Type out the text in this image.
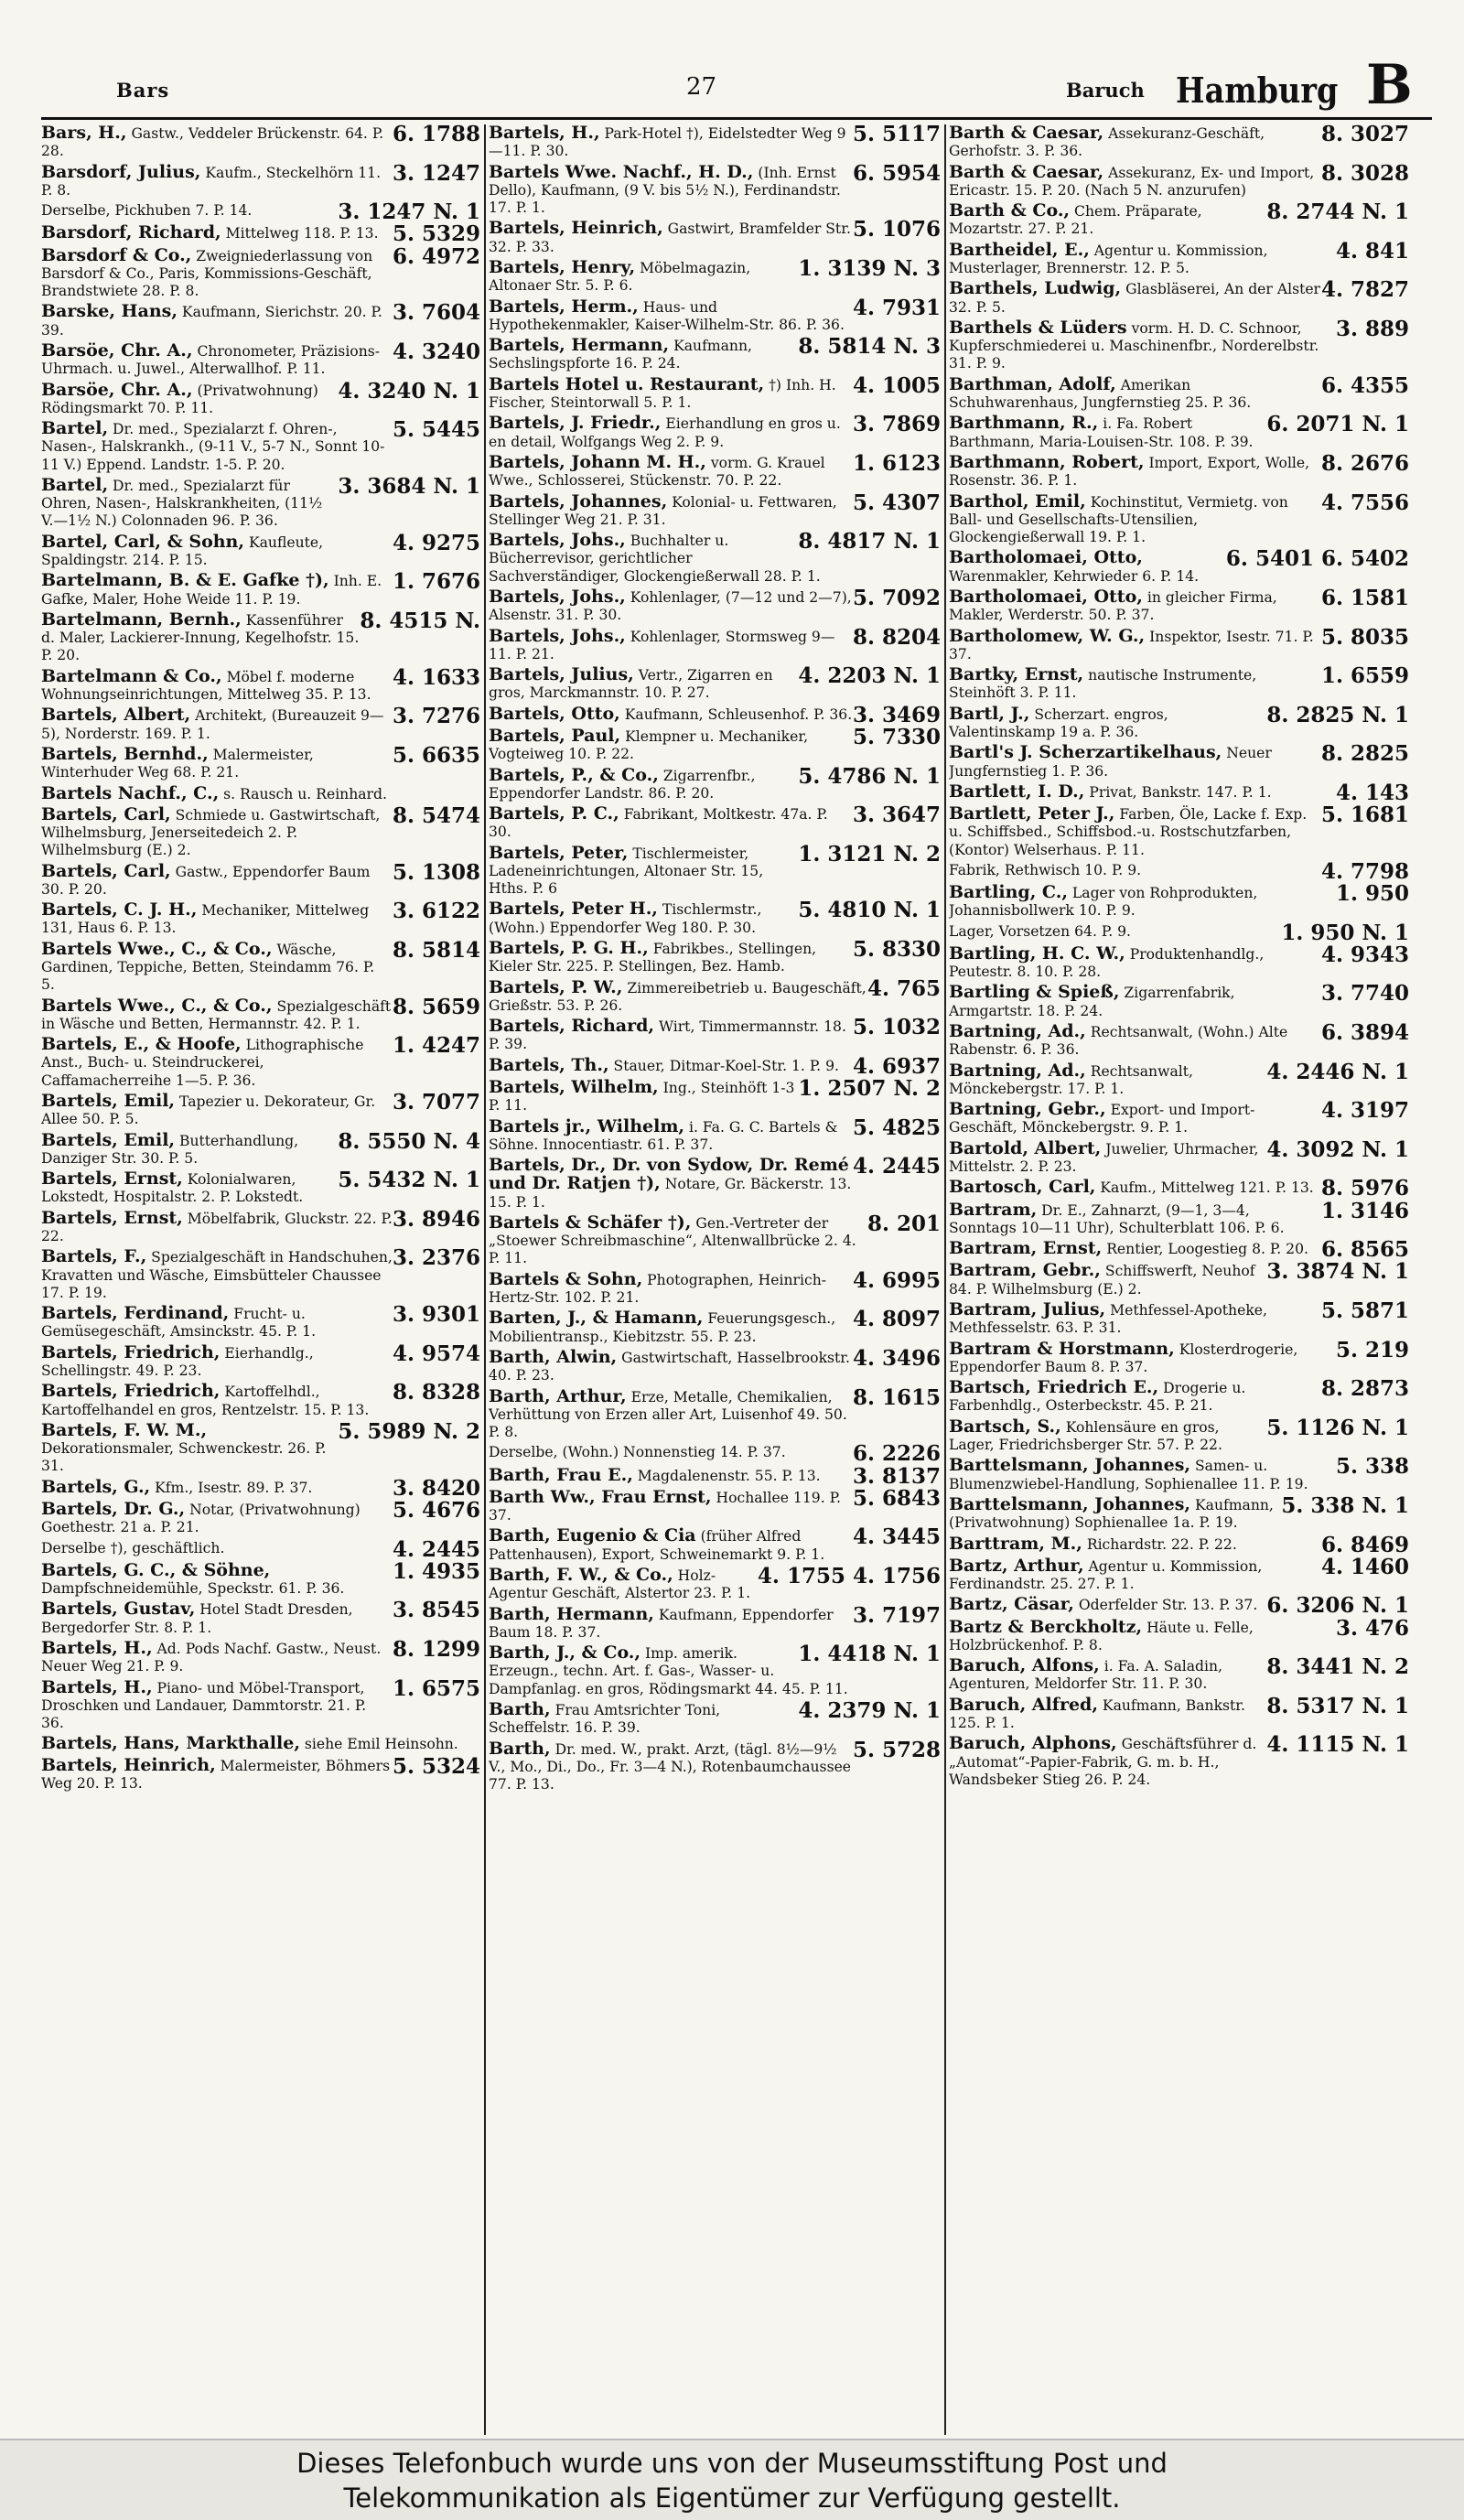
Bars	27	Baruch Hamburg B
6. 1788
Bars, H., Gastw., Veddeler Brückenstr. 64. P. 28.
3. 1247
Barsdorf, Julius, Kaufm., Steckelhörn 11. P. 8.
3. 1247 N. 1
Derselbe, Pickhuben 7. P. 14.
5. 5329
Barsdorf, Richard, Mittelweg 118. P. 13.
6. 4972
Barsdorf & Co., Zweigniederlassung von Barsdorf & Co., Paris, Kommissions-Geschäft, Brandstwiete 28. P. 8.
3. 7604
Barske, Hans, Kaufmann, Sierichstr. 20. P. 39.
4. 3240
Barsöe, Chr. A., Chronometer, Präzisions-Uhrmach. u. Juwel., Alterwallhof. P. 11.
4. 3240 N. 1
Barsöe, Chr. A., (Privatwohnung) Rödingsmarkt 70. P. 11.
5. 5445
Bartel, Dr. med., Spezialarzt f. Ohren-, Nasen-, Halskrankh., (9-11 V., 5-7 N., Sonnt 10-11 V.) Eppend. Landstr. 1-5. P. 20.
3. 3684 N. 1
Bartel, Dr. med., Spezialarzt für Ohren, Nasen-, Halskrankheiten, (11½ V.—1½ N.) Colonnaden 96. P. 36.
4. 9275
Bartel, Carl, & Sohn, Kaufleute, Spaldingstr. 214. P. 15.
1. 7676
Bartelmann, B. & E. Gafke †), Inh. E. Gafke, Maler, Hohe Weide 11. P. 19.
8. 4515 N.
Bartelmann, Bernh., Kassenführer d. Maler, Lackierer-Innung, Kegelhofstr. 15. P. 20.
4. 1633
Bartelmann & Co., Möbel f. moderne Wohnungseinrichtungen, Mittelweg 35. P. 13.
3. 7276
Bartels, Albert, Architekt, (Bureauzeit 9—5), Norderstr. 169. P. 1.
5. 6635
Bartels, Bernhd., Malermeister, Winterhuder Weg 68. P. 21.
Bartels Nachf., C., s. Rausch u. Reinhard.
8. 5474
Bartels, Carl, Schmiede u. Gastwirtschaft, Wilhelmsburg, Jenerseitedeich 2. P. Wilhelmsburg (E.) 2.
5. 1308
Bartels, Carl, Gastw., Eppendorfer Baum 30. P. 20.
3. 6122
Bartels, C. J. H., Mechaniker, Mittelweg 131, Haus 6. P. 13.
8. 5814
Bartels Wwe., C., & Co., Wäsche, Gardinen, Teppiche, Betten, Steindamm 76. P. 5.
8. 5659
Bartels Wwe., C., & Co., Spezialgeschäft in Wäsche und Betten, Hermannstr. 42. P. 1.
1. 4247
Bartels, E., & Hoofe, Lithographische Anst., Buch- u. Steindruckerei, Caffamacherreihe 1—5. P. 36.
3. 7077
Bartels, Emil, Tapezier u. Dekorateur, Gr. Allee 50. P. 5.
8. 5550 N. 4
Bartels, Emil, Butterhandlung, Danziger Str. 30. P. 5.
5. 5432 N. 1
Bartels, Ernst, Kolonialwaren, Lokstedt, Hospitalstr. 2. P. Lokstedt.
3. 8946
Bartels, Ernst, Möbelfabrik, Gluckstr. 22. P. 22.
3. 2376
Bartels, F., Spezialgeschäft in Handschuhen, Kravatten und Wäsche, Eimsbütteler Chaussee 17. P. 19.
3. 9301
Bartels, Ferdinand, Frucht- u. Gemüsegeschäft, Amsinckstr. 45. P. 1.
4. 9574
Bartels, Friedrich, Eierhandlg., Schellingstr. 49. P. 23.
8. 8328
Bartels, Friedrich, Kartoffelhdl., Kartoffelhandel en gros, Rentzelstr. 15. P. 13.
5. 5989 N. 2
Bartels, F. W. M., Dekorationsmaler, Schwenckestr. 26. P. 31.
3. 8420
Bartels, G., Kfm., Isestr. 89. P. 37.
5. 4676
Bartels, Dr. G., Notar, (Privatwohnung) Goethestr. 21 a. P. 21.
4. 2445
Derselbe †), geschäftlich.
1. 4935
Bartels, G. C., & Söhne, Dampfschneidemühle, Speckstr. 61. P. 36.
3. 8545
Bartels, Gustav, Hotel Stadt Dresden, Bergedorfer Str. 8. P. 1.
8. 1299
Bartels, H., Ad. Pods Nachf. Gastw., Neust. Neuer Weg 21. P. 9.
1. 6575
Bartels, H., Piano- und Möbel-Transport, Droschken und Landauer, Dammtorstr. 21. P. 36.
Bartels, Hans, Markthalle, siehe Emil Heinsohn.
5. 5324
Bartels, Heinrich, Malermeister, Böhmers Weg 20. P. 13.
5. 5117
Bartels, H., Park-Hotel †), Eidelstedter Weg 9—11. P. 30.
6. 5954
Bartels Wwe. Nachf., H. D., (Inh. Ernst Dello), Kaufmann, (9 V. bis 5½ N.), Ferdinandstr. 17. P. 1.
5. 1076
Bartels, Heinrich, Gastwirt, Bramfelder Str. 32. P. 33.
1. 3139 N. 3
Bartels, Henry, Möbelmagazin, Altonaer Str. 5. P. 6.
4. 7931
Bartels, Herm., Haus- und Hypothekenmakler, Kaiser-Wilhelm-Str. 86. P. 36.
8. 5814 N. 3
Bartels, Hermann, Kaufmann, Sechslingspforte 16. P. 24.
4. 1005
Bartels Hotel u. Restaurant, †) Inh. H. Fischer, Steintorwall 5. P. 1.
3. 7869
Bartels, J. Friedr., Eierhandlung en gros u. en detail, Wolfgangs Weg 2. P. 9.
1. 6123
Bartels, Johann M. H., vorm. G. Krauel Wwe., Schlosserei, Stückenstr. 70. P. 22.
5. 4307
Bartels, Johannes, Kolonial- u. Fettwaren, Stellinger Weg 21. P. 31.
8. 4817 N. 1
Bartels, Johs., Buchhalter u. Bücherrevisor, gerichtlicher Sachverständiger, Glockengießerwall 28. P. 1.
5. 7092
Bartels, Johs., Kohlenlager, (7—12 und 2—7), Alsenstr. 31. P. 30.
8. 8204
Bartels, Johs., Kohlenlager, Stormsweg 9—11. P. 21.
4. 2203 N. 1
Bartels, Julius, Vertr., Zigarren en gros, Marckmannstr. 10. P. 27.
3. 3469
Bartels, Otto, Kaufmann, Schleusenhof. P. 36.
5. 7330
Bartels, Paul, Klempner u. Mechaniker, Vogteiweg 10. P. 22.
5. 4786 N. 1
Bartels, P., & Co., Zigarrenfbr., Eppendorfer Landstr. 86. P. 20.
3. 3647
Bartels, P. C., Fabrikant, Moltkestr. 47a. P. 30.
1. 3121 N. 2
Bartels, Peter, Tischlermeister, Ladeneinrichtungen, Altonaer Str. 15, Hths. P. 6
5. 4810 N. 1
Bartels, Peter H., Tischlermstr., (Wohn.) Eppendorfer Weg 180. P. 30.
5. 8330
Bartels, P. G. H., Fabrikbes., Stellingen, Kieler Str. 225. P. Stellingen, Bez. Hamb.
4. 765
Bartels, P. W., Zimmereibetrieb u. Baugeschäft, Grießstr. 53. P. 26.
5. 1032
Bartels, Richard, Wirt, Timmermannstr. 18. P. 39.
4. 6937
Bartels, Th., Stauer, Ditmar-Koel-Str. 1. P. 9.
1. 2507 N. 2
Bartels, Wilhelm, Ing., Steinhöft 1-3 P. 11.
5. 4825
Bartels jr., Wilhelm, i. Fa. G. C. Bartels & Söhne. Innocentiastr. 61. P. 37.
4. 2445
Bartels, Dr., Dr. von Sydow, Dr. Remé und Dr. Ratjen †), Notare, Gr. Bäckerstr. 13. 15. P. 1.
8. 201
Bartels & Schäfer †), Gen.-Vertreter der „Stoewer Schreibmaschine“, Altenwallbrücke 2. 4. P. 11.
4. 6995
Bartels & Sohn, Photographen, Heinrich-Hertz-Str. 102. P. 21.
4. 8097
Barten, J., & Hamann, Feuerungsgesch., Mobilientransp., Kiebitzstr. 55. P. 23.
4. 3496
Barth, Alwin, Gastwirtschaft, Hasselbrookstr. 40. P. 23.
8. 1615
Barth, Arthur, Erze, Metalle, Chemikalien, Verhüttung von Erzen aller Art, Luisenhof 49. 50. P. 8.
6. 2226
Derselbe, (Wohn.) Nonnenstieg 14. P. 37.
3. 8137
Barth, Frau E., Magdalenenstr. 55. P. 13.
5. 6843
Barth Ww., Frau Ernst, Hochallee 119. P. 37.
4. 3445
Barth, Eugenio & Cia (früher Alfred Pattenhausen), Export, Schweinemarkt 9. P. 1.
4. 1755 4. 1756
Barth, F. W., & Co., Holz-Agentur Geschäft, Alstertor 23. P. 1.
3. 7197
Barth, Hermann, Kaufmann, Eppendorfer Baum 18. P. 37.
1. 4418 N. 1
Barth, J., & Co., Imp. amerik. Erzeugn., techn. Art. f. Gas-, Wasser- u. Dampfanlag. en gros, Rödingsmarkt 44. 45. P. 11.
4. 2379 N. 1
Barth, Frau Amtsrichter Toni, Scheffelstr. 16. P. 39.
5. 5728
Barth, Dr. med. W., prakt. Arzt, (tägl. 8½—9½ V., Mo., Di., Do., Fr. 3—4 N.), Rotenbaumchaussee 77. P. 13.
8. 3027
Barth & Caesar, Assekuranz-Geschäft, Gerhofstr. 3. P. 36.
8. 3028
Barth & Caesar, Assekuranz, Ex- und Import, Ericastr. 15. P. 20. (Nach 5 N. anzurufen)
8. 2744 N. 1
Barth & Co., Chem. Präparate, Mozartstr. 27. P. 21.
4. 841
Bartheidel, E., Agentur u. Kommission, Musterlager, Brennerstr. 12. P. 5.
4. 7827
Barthels, Ludwig, Glasbläserei, An der Alster 32. P. 5.
3. 889
Barthels & Lüders vorm. H. D. C. Schnoor, Kupferschmiederei u. Maschinenfbr., Norderelbstr. 31. P. 9.
6. 4355
Barthman, Adolf, Amerikan Schuhwarenhaus, Jungfernstieg 25. P. 36.
6. 2071 N. 1
Barthmann, R., i. Fa. Robert Barthmann, Maria-Louisen-Str. 108. P. 39.
8. 2676
Barthmann, Robert, Import, Export, Wolle, Rosenstr. 36. P. 1.
4. 7556
Barthol, Emil, Kochinstitut, Vermietg. von Ball- und Gesellschafts-Utensilien, Glockengießerwall 19. P. 1.
6. 5401 6. 5402
Bartholomaei, Otto, Warenmakler, Kehrwieder 6. P. 14.
6. 1581
Bartholomaei, Otto, in gleicher Firma, Makler, Werderstr. 50. P. 37.
5. 8035
Bartholomew, W. G., Inspektor, Isestr. 71. P. 37.
1. 6559
Bartky, Ernst, nautische Instrumente, Steinhöft 3. P. 11.
8. 2825 N. 1
Bartl, J., Scherzart. engros, Valentinskamp 19 a. P. 36.
8. 2825
Bartl's J. Scherzartikelhaus, Neuer Jungfernstieg 1. P. 36.
4. 143
Bartlett, I. D., Privat, Bankstr. 147. P. 1.
5. 1681
Bartlett, Peter J., Farben, Öle, Lacke f. Exp. u. Schiffsbed., Schiffsbod.-u. Rostschutzfarben, (Kontor) Welserhaus. P. 11.
4. 7798
Fabrik, Rethwisch 10. P. 9.
1. 950
Bartling, C., Lager von Rohprodukten, Johannisbollwerk 10. P. 9.
1. 950 N. 1
Lager, Vorsetzen 64. P. 9.
4. 9343
Bartling, H. C. W., Produktenhandlg., Peutestr. 8. 10. P. 28.
3. 7740
Bartling & Spieß, Zigarrenfabrik, Armgartstr. 18. P. 24.
6. 3894
Bartning, Ad., Rechtsanwalt, (Wohn.) Alte Rabenstr. 6. P. 36.
4. 2446 N. 1
Bartning, Ad., Rechtsanwalt, Mönckebergstr. 17. P. 1.
4. 3197
Bartning, Gebr., Export- und Import-Geschäft, Mönckebergstr. 9. P. 1.
4. 3092 N. 1
Bartold, Albert, Juwelier, Uhrmacher, Mittelstr. 2. P. 23.
8. 5976
Bartosch, Carl, Kaufm., Mittelweg 121. P. 13.
1. 3146
Bartram, Dr. E., Zahnarzt, (9—1, 3—4, Sonntags 10—11 Uhr), Schulterblatt 106. P. 6.
6. 8565
Bartram, Ernst, Rentier, Loogestieg 8. P. 20.
3. 3874 N. 1
Bartram, Gebr., Schiffswerft, Neuhof 84. P. Wilhelmsburg (E.) 2.
5. 5871
Bartram, Julius, Methfessel-Apotheke, Methfesselstr. 63. P. 31.
5. 219
Bartram & Horstmann, Klosterdrogerie, Eppendorfer Baum 8. P. 37.
8. 2873
Bartsch, Friedrich E., Drogerie u. Farbenhdlg., Osterbeckstr. 45. P. 21.
5. 1126 N. 1
Bartsch, S., Kohlensäure en gros, Lager, Friedrichsberger Str. 57. P. 22.
5. 338
Barttelsmann, Johannes, Samen- u. Blumenzwiebel-Handlung, Sophienallee 11. P. 19.
5. 338 N. 1
Barttelsmann, Johannes, Kaufmann, (Privatwohnung) Sophienallee 1a. P. 19.
6. 8469
Barttram, M., Richardstr. 22. P. 22.
4. 1460
Bartz, Arthur, Agentur u. Kommission, Ferdinandstr. 25. 27. P. 1.
6. 3206 N. 1
Bartz, Cäsar, Oderfelder Str. 13. P. 37.
3. 476
Bartz & Berckholtz, Häute u. Felle, Holzbrückenhof. P. 8.
8. 3441 N. 2
Baruch, Alfons, i. Fa. A. Saladin, Agenturen, Meldorfer Str. 11. P. 30.
8. 5317 N. 1
Baruch, Alfred, Kaufmann, Bankstr. 125. P. 1.
4. 1115 N. 1
Baruch, Alphons, Geschäftsführer d. „Automat“-Papier-Fabrik, G. m. b. H., Wandsbeker Stieg 26. P. 24.
Dieses Telefonbuch wurde uns von der Museumsstiftung Post und
Telekommunikation als Eigentümer zur Verfügung gestellt.
